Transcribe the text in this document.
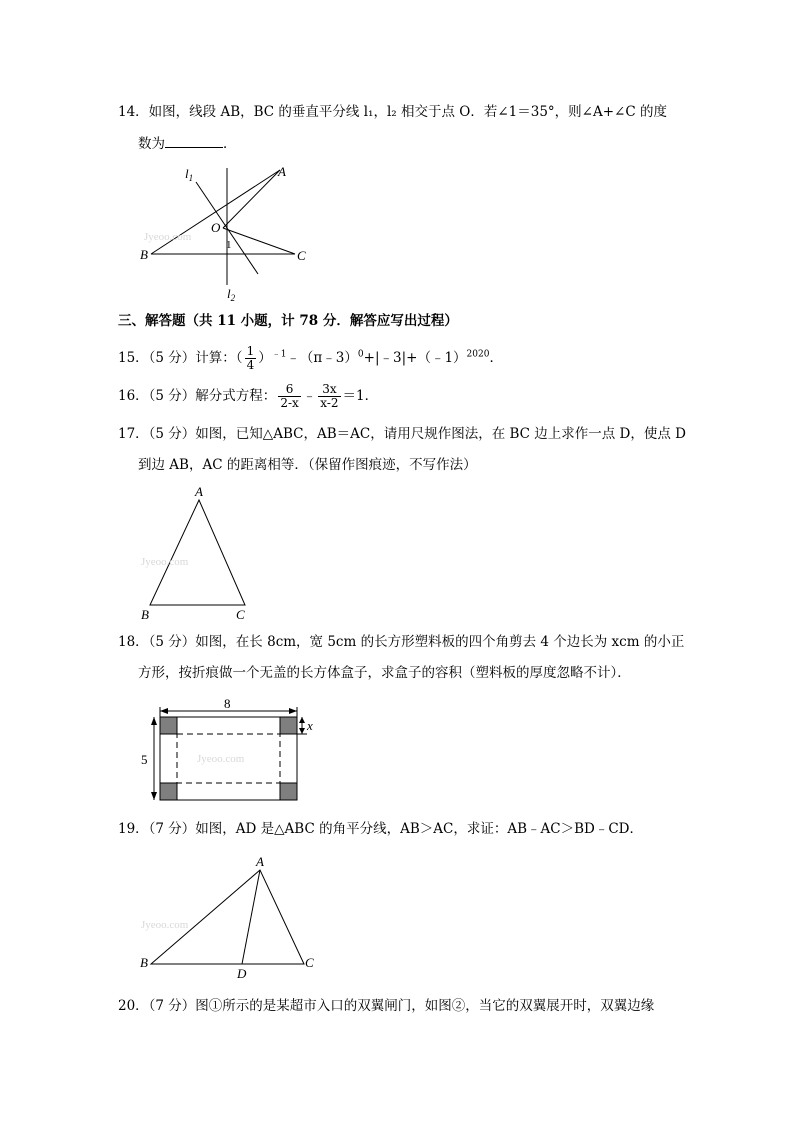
14．如图，线段 AB，BC 的垂直平分线 l₁，l₂ 相交于点 O．若∠1＝35°，则∠A+∠C 的度
数为	．
$l_1$	A
O
1
B	C
$l_2$
Jyeoo.com
三、解答题（共 11 小题，计 78 分．解答应写出过程）
15．（5 分）计算：（ $\frac{1}{4}$ ）$^{﹣1}$﹣（π﹣3）$^0$+|﹣3|+（﹣1）$^{2020}$．
16．（5 分）解分式方程： $\frac{6}{2-x}$ ﹣ $\frac{3x}{x-2} =1$．
17．（5 分）如图，已知△ABC，AB＝AC，请用尺规作图法，在 BC 边上求作一点 D，使点 D
到边 AB，AC 的距离相等．（保留作图痕迹，不写作法）
A
B	C
Jyeoo.com
18．（5 分）如图，在长 8cm，宽 5cm 的长方形塑料板的四个角剪去 4 个边长为 xcm 的小正
方形，按折痕做一个无盖的长方体盒子，求盒子的容积（塑料板的厚度忽略不计）．
8
5
x
Jyeoo.com
19．（7 分）如图，AD 是△ABC 的角平分线，AB＞AC，求证：AB﹣AC＞BD﹣CD．
A
B
D
C
Jyeoo.com
20．（7 分）图①所示的是某超市入口的双翼闸门，如图②，当它的双翼展开时，双翼边缘
